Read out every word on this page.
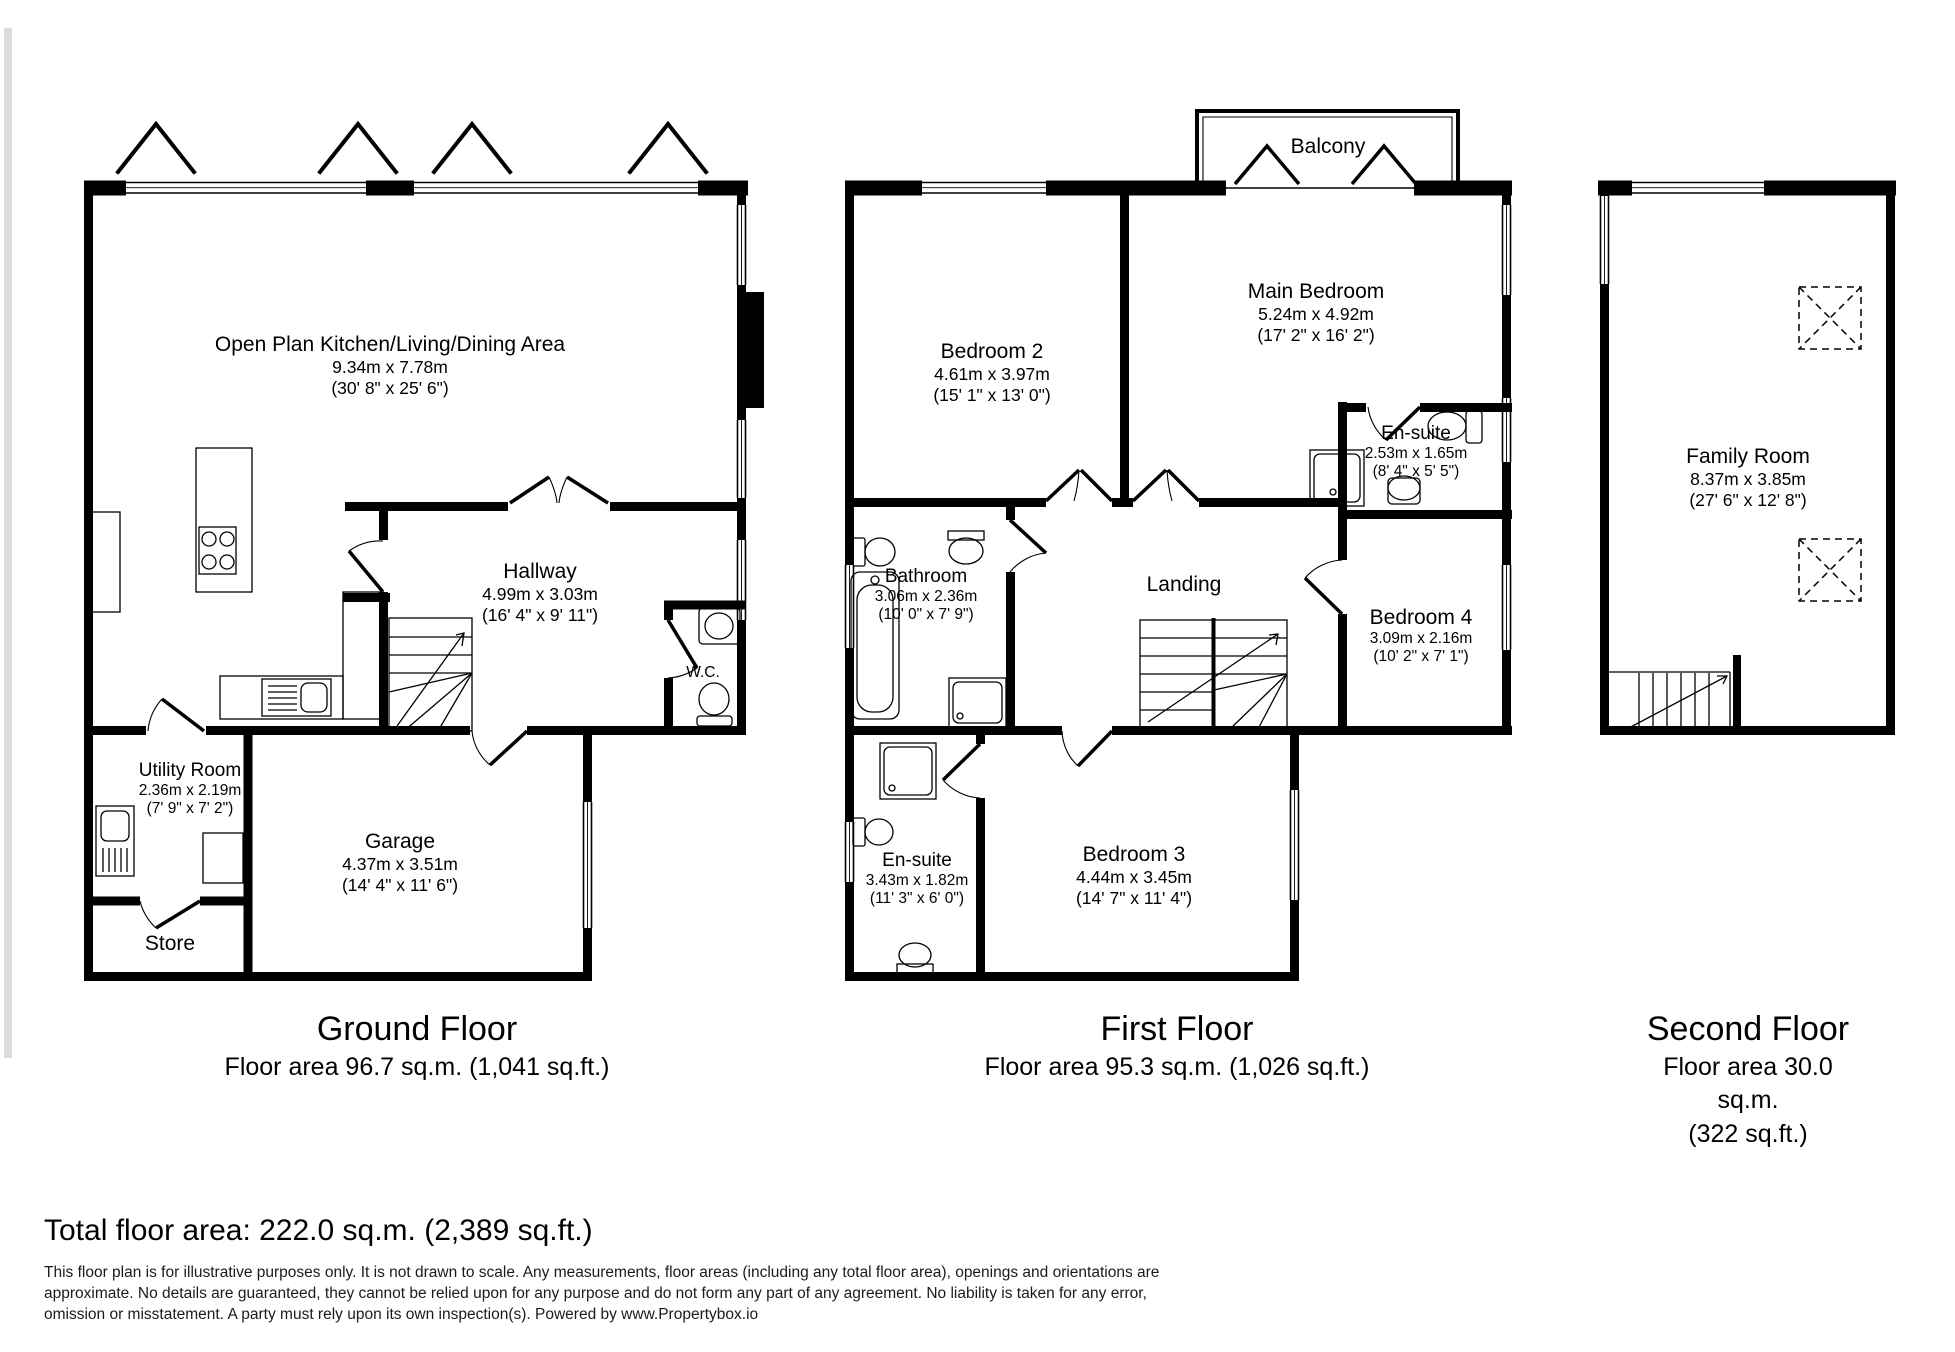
Open Plan Kitchen/Living/Dining Area
9.34m x 7.78m
(30' 8" x 25' 6")
Hallway
4.99m x 3.03m
(16' 4" x 9' 11")
W.C.
Utility Room
2.36m x 2.19m
(7' 9" x 7' 2")
Garage
4.37m x 3.51m
(14' 4" x 11' 6")
Store
Balcony
Bedroom 2
4.61m x 3.97m
(15' 1" x 13' 0")
Main Bedroom
5.24m x 4.92m
(17' 2" x 16' 2")
En-suite
2.53m x 1.65m
(8' 4" x 5' 5")
Bathroom
3.06m x 2.36m
(10' 0" x 7' 9")
Landing
Bedroom 4
3.09m x 2.16m
(10' 2" x 7' 1")
En-suite
3.43m x 1.82m
(11' 3" x 6' 0")
Bedroom 3
4.44m x 3.45m
(14' 7" x 11' 4")
Family Room
8.37m x 3.85m
(27' 6" x 12' 8")
Ground Floor
Floor area 96.7 sq.m. (1,041 sq.ft.)
First Floor
Floor area 95.3 sq.m. (1,026 sq.ft.)
Second Floor
Floor area 30.0 sq.m.
(322 sq.ft.)
Total floor area: 222.0 sq.m. (2,389 sq.ft.)
This floor plan is for illustrative purposes only. It is not drawn to scale. Any measurements, floor areas (including any total floor area), openings and orientations are
approximate. No details are guaranteed, they cannot be relied upon for any purpose and do not form any part of any agreement. No liability is taken for any error,
omission or misstatement. A party must rely upon its own inspection(s). Powered by www.Propertybox.io
